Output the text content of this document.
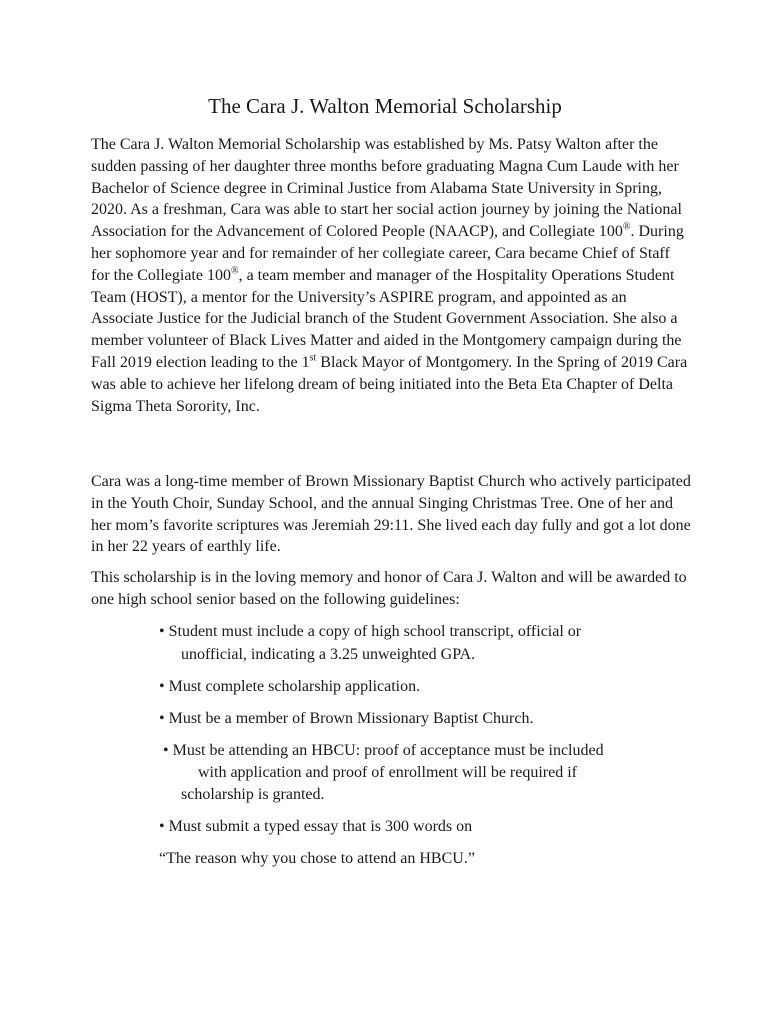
The Cara J. Walton Memorial Scholarship

The Cara J. Walton Memorial Scholarship was established by Ms. Patsy Walton after the sudden passing of her daughter three months before graduating Magna Cum Laude with her Bachelor of Science degree in Criminal Justice from Alabama State University in Spring, 2020. As a freshman, Cara was able to start her social action journey by joining the National Association for the Advancement of Colored People (NAACP), and Collegiate 100®. During her sophomore year and for remainder of her collegiate career, Cara became Chief of Staff for the Collegiate 100®, a team member and manager of the Hospitality Operations Student Team (HOST), a mentor for the University’s ASPIRE program, and appointed as an Associate Justice for the Judicial branch of the Student Government Association. She also a member volunteer of Black Lives Matter and aided in the Montgomery campaign during the Fall 2019 election leading to the 1st Black Mayor of Montgomery. In the Spring of 2019 Cara was able to achieve her lifelong dream of being initiated into the Beta Eta Chapter of Delta Sigma Theta Sorority, Inc.

Cara was a long-time member of Brown Missionary Baptist Church who actively participated in the Youth Choir, Sunday School, and the annual Singing Christmas Tree. One of her and her mom’s favorite scriptures was Jeremiah 29:11. She lived each day fully and got a lot done in her 22 years of earthly life.

This scholarship is in the loving memory and honor of Cara J. Walton and will be awarded to one high school senior based on the following guidelines:

• Student must include a copy of high school transcript, official or
unofficial, indicating a 3.25 unweighted GPA.
• Must complete scholarship application.
• Must be a member of Brown Missionary Baptist Church.
• Must be attending an HBCU: proof of acceptance must be included
with application and proof of enrollment will be required if
scholarship is granted.
• Must submit a typed essay that is 300 words on
“The reason why you chose to attend an HBCU.”
